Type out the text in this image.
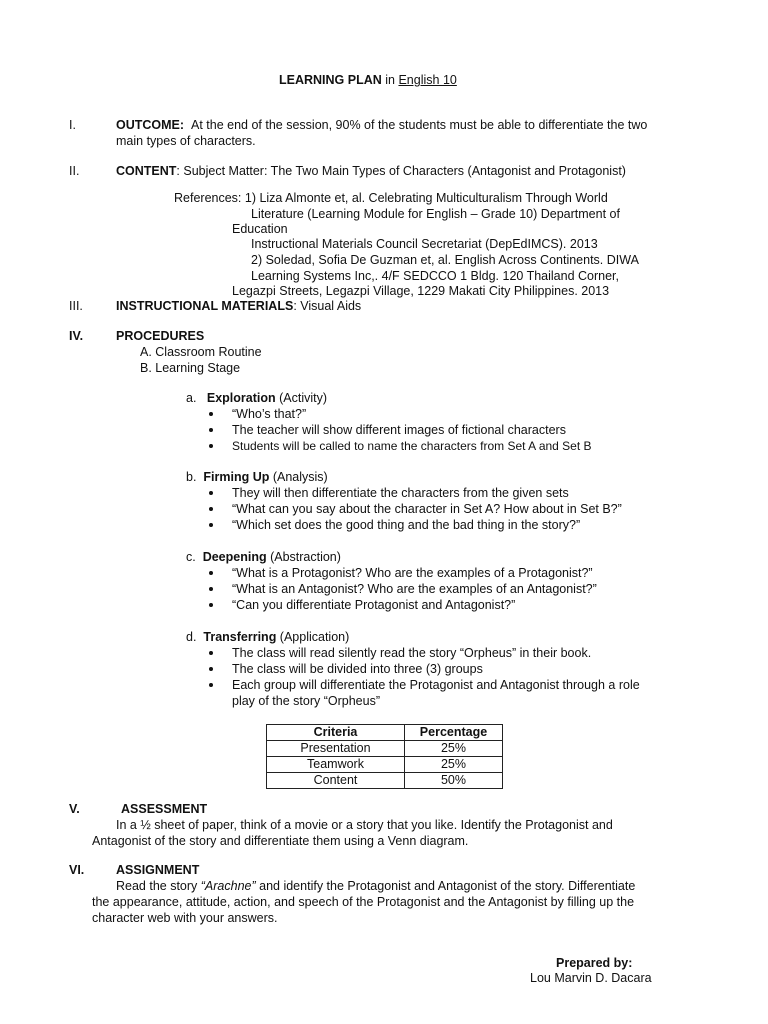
LEARNING PLAN in English 10
I.	OUTCOME: At the end of the session, 90% of the students must be able to differentiate the two
main types of characters.
II.	CONTENT: Subject Matter: The Two Main Types of Characters (Antagonist and Protagonist)
References: 1) Liza Almonte et, al. Celebrating Multiculturalism Through World
Literature (Learning Module for English – Grade 10) Department of
Education
Instructional Materials Council Secretariat (DepEdIMCS). 2013
2) Soledad, Sofia De Guzman et, al. English Across Continents. DIWA
Learning Systems Inc,. 4/F SEDCCO 1 Bldg. 120 Thailand Corner,
Legazpi Streets, Legazpi Village, 1229 Makati City Philippines. 2013
III.	INSTRUCTIONAL MATERIALS: Visual Aids
IV.	PROCEDURES
A. Classroom Routine
B. Learning Stage
a. Exploration (Activity)
“Who’s that?”
The teacher will show different images of fictional characters
Students will be called to name the characters from Set A and Set B
b. Firming Up (Analysis)
They will then differentiate the characters from the given sets
“What can you say about the character in Set A? How about in Set B?”
“Which set does the good thing and the bad thing in the story?”
c. Deepening (Abstraction)
“What is a Protagonist? Who are the examples of a Protagonist?”
“What is an Antagonist? Who are the examples of an Antagonist?”
“Can you differentiate Protagonist and Antagonist?”
d. Transferring (Application)
The class will read silently read the story “Orpheus” in their book.
The class will be divided into three (3) groups
Each group will differentiate the Protagonist and Antagonist through a role
play of the story “Orpheus”
Criteria	Percentage
Presentation	25%
Teamwork	25%
Content	50%
V.	ASSESSMENT
In a ½ sheet of paper, think of a movie or a story that you like. Identify the Protagonist and
Antagonist of the story and differentiate them using a Venn diagram.
VI.	ASSIGNMENT
Read the story “Arachne” and identify the Protagonist and Antagonist of the story. Differentiate
the appearance, attitude, action, and speech of the Protagonist and the Antagonist by filling up the
character web with your answers.
Prepared by:
Lou Marvin D. Dacara
